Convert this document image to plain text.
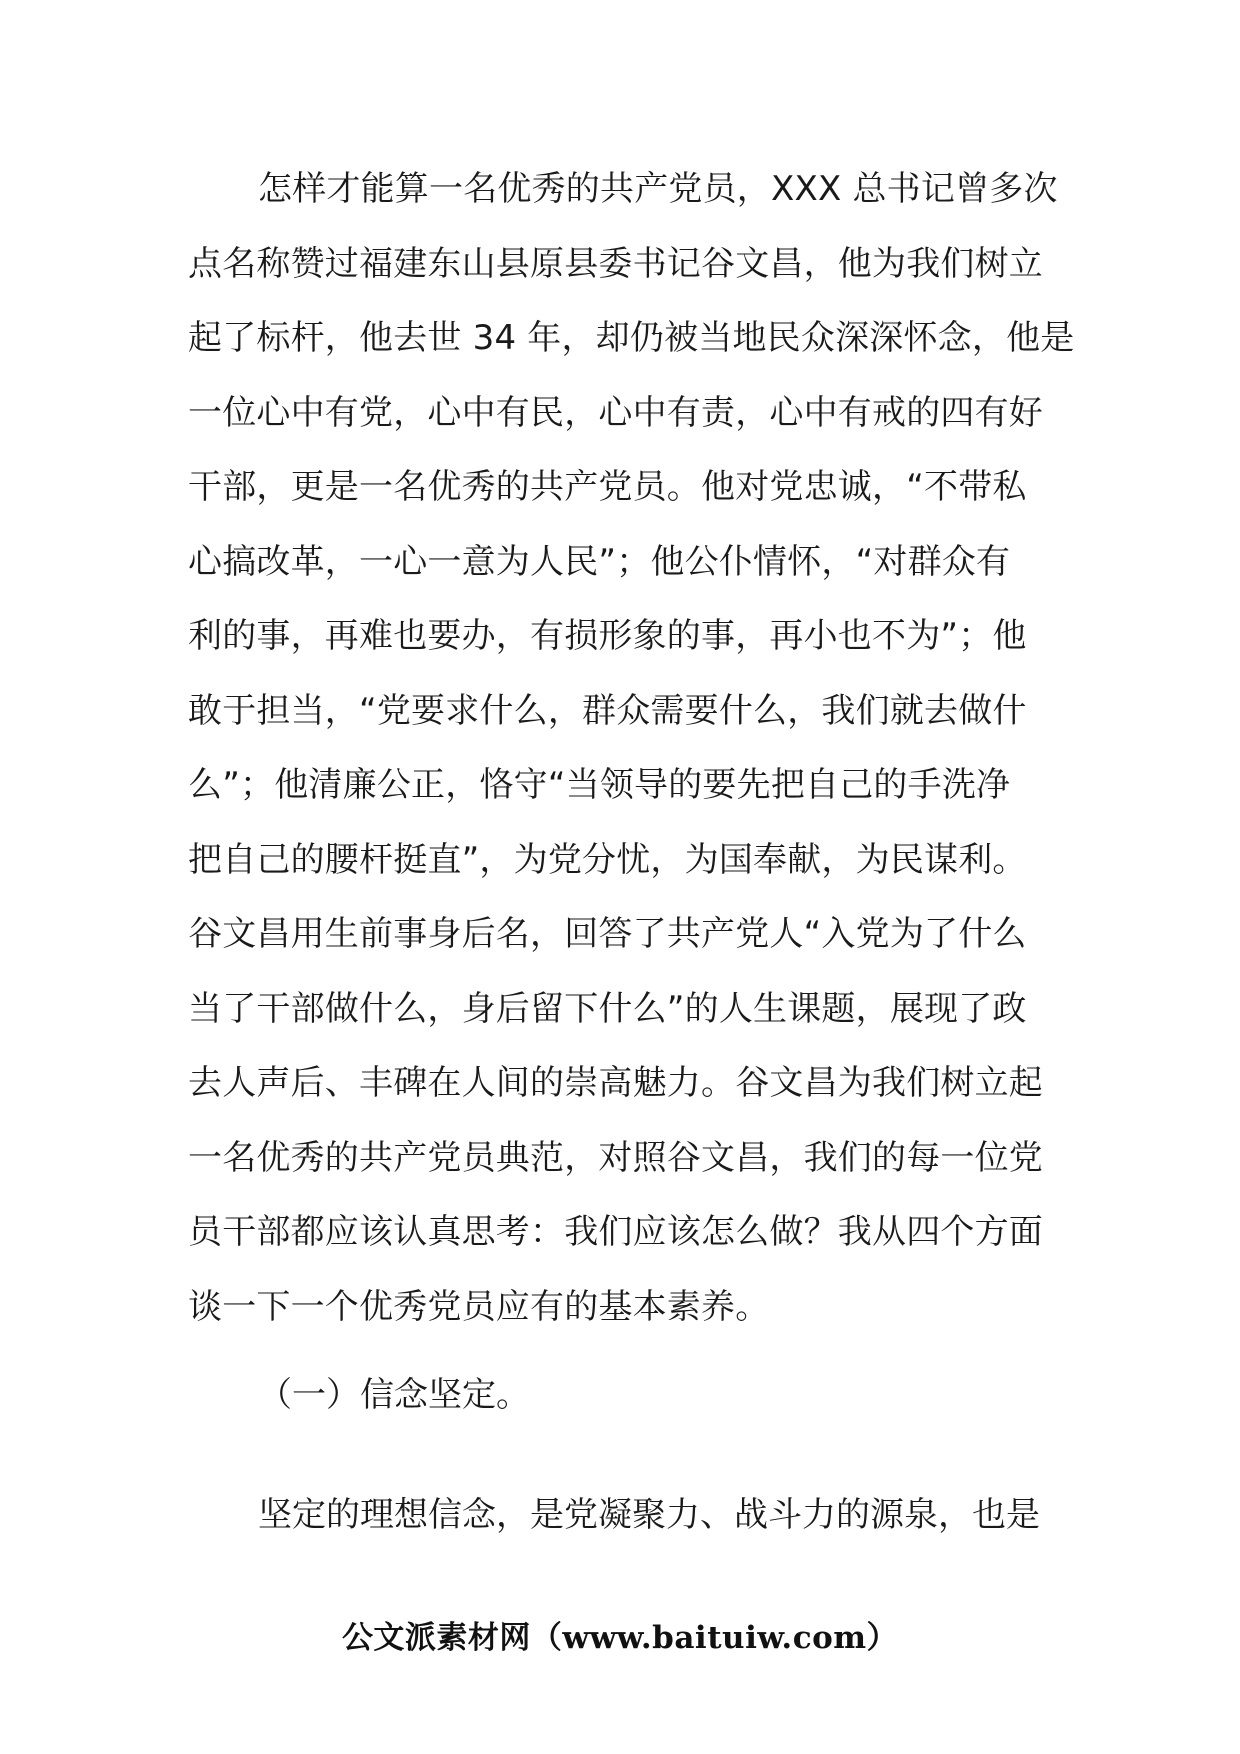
怎样才能算一名优秀的共产党员，XXX 总书记曾多次
点名称赞过福建东山县原县委书记谷文昌，他为我们树立
起了标杆，他去世 34 年，却仍被当地民众深深怀念，他是
一位心中有党，心中有民，心中有责，心中有戒的四有好
干部，更是一名优秀的共产党员。他对党忠诚，“不带私
心搞改革，一心一意为人民”；他公仆情怀，“对群众有
利的事，再难也要办，有损形象的事，再小也不为”；他
敢于担当，“党要求什么，群众需要什么，我们就去做什
么”；他清廉公正，恪守“当领导的要先把自己的手洗净
把自己的腰杆挺直”，为党分忧，为国奉献，为民谋利。
谷文昌用生前事身后名，回答了共产党人“入党为了什么
当了干部做什么，身后留下什么”的人生课题，展现了政
去人声后、丰碑在人间的崇高魅力。谷文昌为我们树立起
一名优秀的共产党员典范，对照谷文昌，我们的每一位党
员干部都应该认真思考：我们应该怎么做？我从四个方面
谈一下一个优秀党员应有的基本素养。
（一）信念坚定。
坚定的理想信念，是党凝聚力、战斗力的源泉，也是
公文派素材网（www.baituiw.com）
